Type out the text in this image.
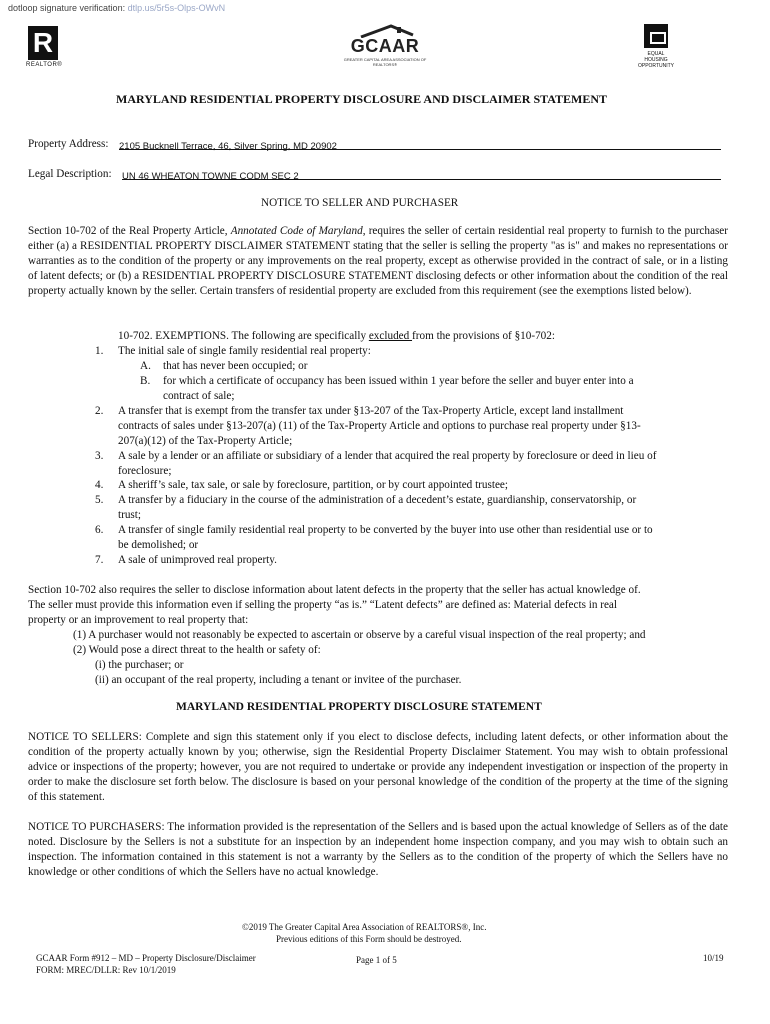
dotloop signature verification: dtlp.us/5r5s-Olps-OWvN
R
REALTOR®
GCAAR
GREATER CAPITAL AREA ASSOCIATION OF REALTORS®
EQUAL HOUSING
OPPORTUNITY
MARYLAND RESIDENTIAL PROPERTY DISCLOSURE AND DISCLAIMER STATEMENT
Property Address: 2105 Bucknell Terrace, 46, Silver Spring, MD 20902
Legal Description: UN 46 WHEATON TOWNE CODM SEC 2
NOTICE TO SELLER AND PURCHASER
Section 10-702 of the Real Property Article, Annotated Code of Maryland, requires the seller of certain residential real property to furnish to the purchaser either (a) a RESIDENTIAL PROPERTY DISCLAIMER STATEMENT stating that the seller is selling the property "as is" and makes no representations or warranties as to the condition of the property or any improvements on the real property, except as otherwise provided in the contract of sale, or in a listing of latent defects; or (b) a RESIDENTIAL PROPERTY DISCLOSURE STATEMENT disclosing defects or other information about the condition of the real property actually known by the seller. Certain transfers of residential property are excluded from this requirement (see the exemptions listed below).
10-702. EXEMPTIONS. The following are specifically excluded from the provisions of §10-702:
1. The initial sale of single family residential real property:
A. that has never been occupied; or
B. for which a certificate of occupancy has been issued within 1 year before the seller and buyer enter into a
contract of sale;
2. A transfer that is exempt from the transfer tax under §13-207 of the Tax-Property Article, except land installment
contracts of sales under §13-207(a) (11) of the Tax-Property Article and options to purchase real property under §13-
207(a)(12) of the Tax-Property Article;
3. A sale by a lender or an affiliate or subsidiary of a lender that acquired the real property by foreclosure or deed in lieu of
foreclosure;
4. A sheriff’s sale, tax sale, or sale by foreclosure, partition, or by court appointed trustee;
5. A transfer by a fiduciary in the course of the administration of a decedent’s estate, guardianship, conservatorship, or
trust;
6. A transfer of single family residential real property to be converted by the buyer into use other than residential use or to
be demolished; or
7. A sale of unimproved real property.
Section 10-702 also requires the seller to disclose information about latent defects in the property that the seller has actual knowledge of.
The seller must provide this information even if selling the property “as is.” “Latent defects” are defined as: Material defects in real
property or an improvement to real property that:
(1) A purchaser would not reasonably be expected to ascertain or observe by a careful visual inspection of the real property; and
(2) Would pose a direct threat to the health or safety of:
(i) the purchaser; or
(ii) an occupant of the real property, including a tenant or invitee of the purchaser.
MARYLAND RESIDENTIAL PROPERTY DISCLOSURE STATEMENT
NOTICE TO SELLERS: Complete and sign this statement only if you elect to disclose defects, including latent defects, or other information about the condition of the property actually known by you; otherwise, sign the Residential Property Disclaimer Statement. You may wish to obtain professional advice or inspections of the property; however, you are not required to undertake or provide any independent investigation or inspection of the property in order to make the disclosure set forth below. The disclosure is based on your personal knowledge of the condition of the property at the time of the signing of this statement.
NOTICE TO PURCHASERS: The information provided is the representation of the Sellers and is based upon the actual knowledge of Sellers as of the date noted. Disclosure by the Sellers is not a substitute for an inspection by an independent home inspection company, and you may wish to obtain such an inspection. The information contained in this statement is not a warranty by the Sellers as to the condition of the property of which the Sellers have no knowledge or other conditions of which the Sellers have no actual knowledge.
©2019 The Greater Capital Area Association of REALTORS®, Inc.
Previous editions of this Form should be destroyed.
GCAAR Form #912 – MD – Property Disclosure/Disclaimer
FORM: MREC/DLLR: Rev 10/1/2019
Page 1 of 5	10/19
